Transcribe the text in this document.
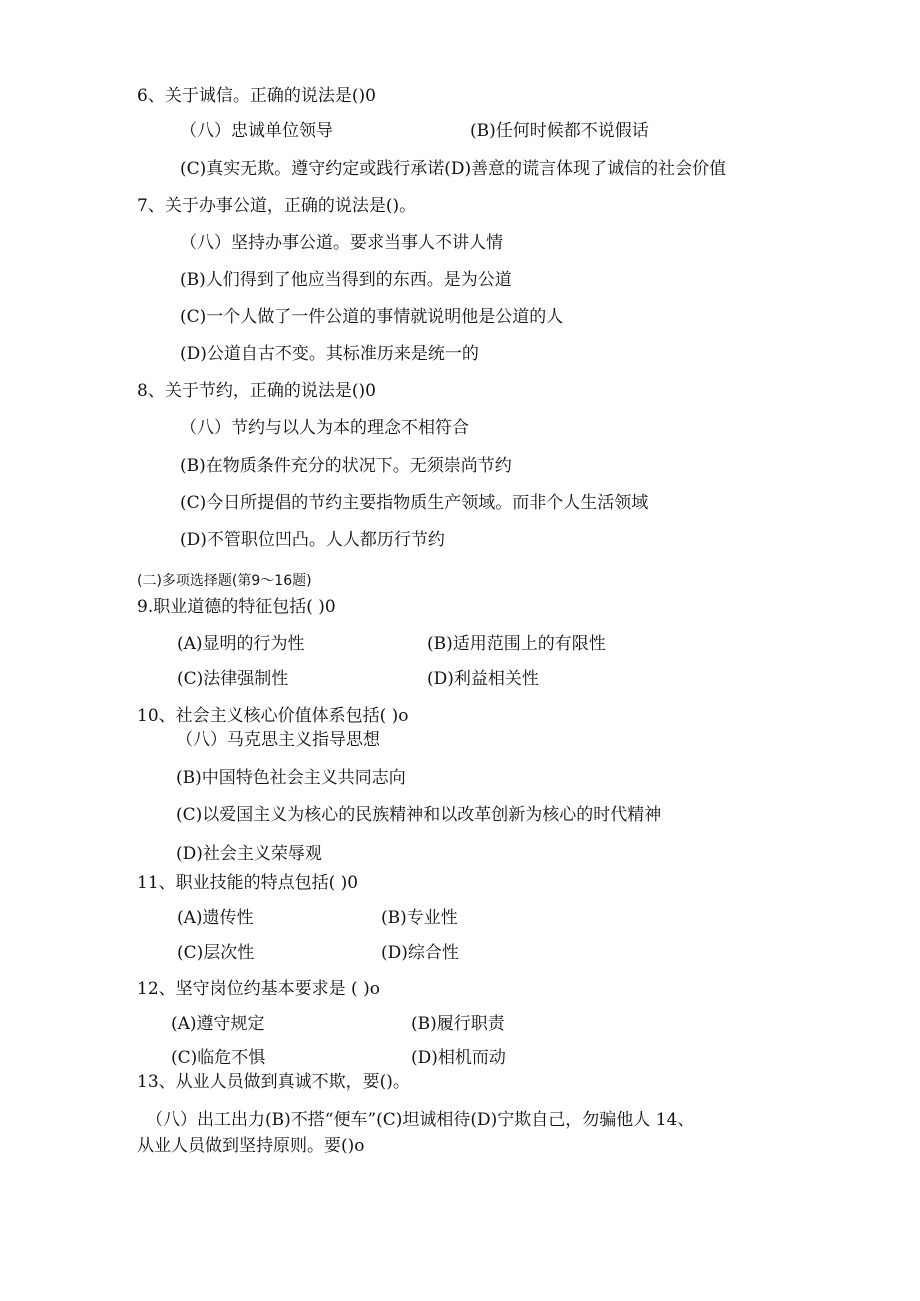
6、关于诚信。正确的说法是()0
（八）忠诚单位领导	(B)任何时候都不说假话
(C)真实无欺。遵守约定或践行承诺(D)善意的谎言体现了诚信的社会价值
7、关于办事公道，正确的说法是()。
（八）坚持办事公道。要求当事人不讲人情
(B)人们得到了他应当得到的东西。是为公道
(C)一个人做了一件公道的事情就说明他是公道的人
(D)公道自古不变。其标准历来是统一的
8、关于节约，正确的说法是()0
（八）节约与以人为本的理念不相符合
(B)在物质条件充分的状况下。无须崇尚节约
(C)今日所提倡的节约主要指物质生产领域。而非个人生活领域
(D)不管职位凹凸。人人都历行节约
(二)多项选择题(第9〜16题)
9.职业道德的特征包括( )0
(A)显明的行为性	(B)适用范围上的有限性
(C)法律强制性	(D)利益相关性
10、社会主义核心价值体系包括( )o
（八）马克思主义指导思想
(B)中国特色社会主义共同志向
(C)以爱国主义为核心的民族精神和以改革创新为核心的时代精神
(D)社会主义荣辱观
11、职业技能的特点包括( )0
(A)遗传性	(B)专业性
(C)层次性	(D)综合性
12、坚守岗位约基本要求是 ( )o
(A)遵守规定	(B)履行职责
(C)临危不惧	(D)相机而动
13、从业人员做到真诚不欺，要()。
（八）出工出力(B)不搭“便车”(C)坦诚相待(D)宁欺自己，勿骗他人 14、
从业人员做到坚持原则。要()o
